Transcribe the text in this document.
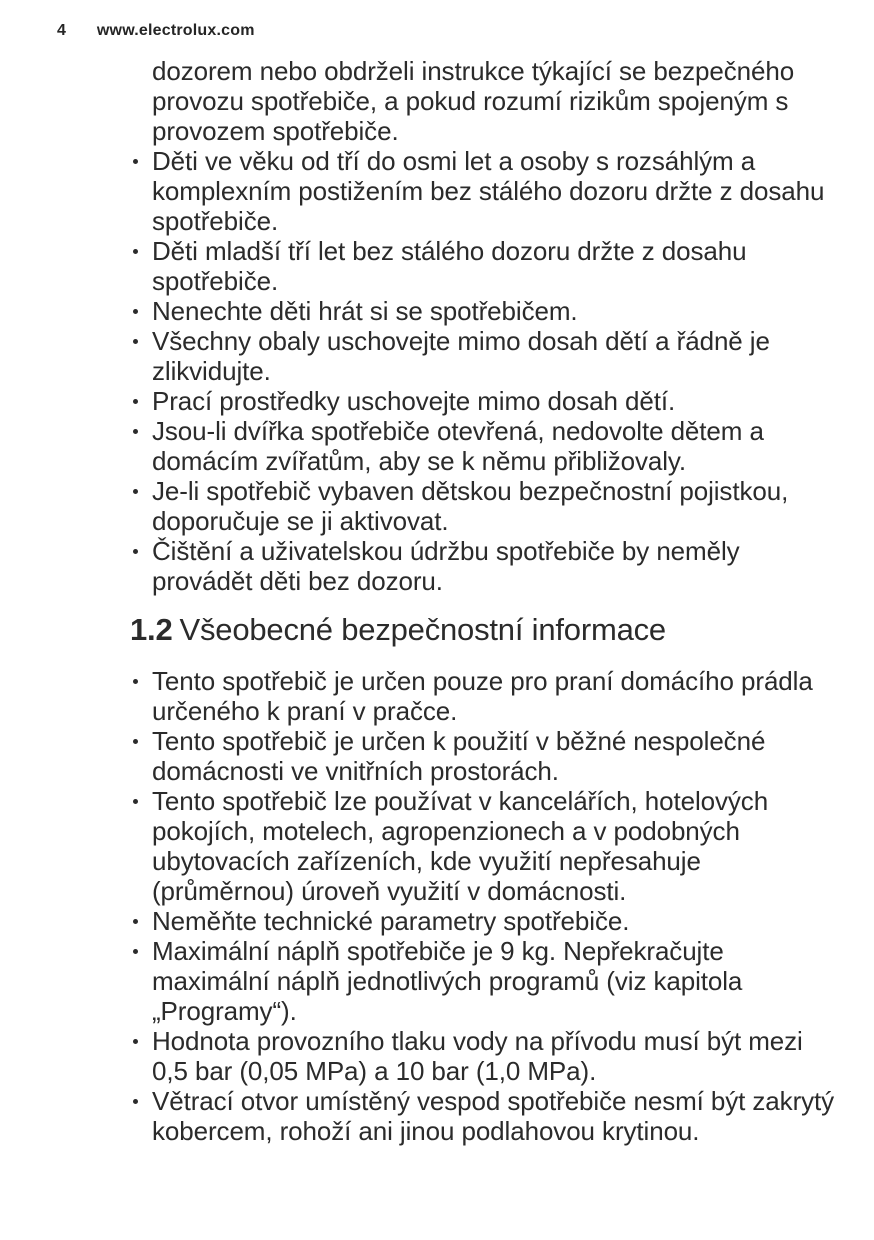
4 www.electrolux.com

dozorem nebo obdrželi instrukce týkající se bezpečného provozu spotřebiče, a pokud rozumí rizikům spojeným s provozem spotřebiče.

Děti ve věku od tří do osmi let a osoby s rozsáhlým a komplexním postižením bez stálého dozoru držte z dosahu spotřebiče.
Děti mladší tří let bez stálého dozoru držte z dosahu spotřebiče.
Nenechte děti hrát si se spotřebičem.
Všechny obaly uschovejte mimo dosah dětí a řádně je zlikvidujte.
Prací prostředky uschovejte mimo dosah dětí.
Jsou-li dvířka spotřebiče otevřená, nedovolte dětem a domácím zvířatům, aby se k němu přibližovaly.
Je-li spotřebič vybaven dětskou bezpečnostní pojistkou, doporučuje se ji aktivovat.
Čištění a uživatelskou údržbu spotřebiče by neměly provádět děti bez dozoru.
1.2 Všeobecné bezpečnostní informace
Tento spotřebič je určen pouze pro praní domácího prádla určeného k praní v pračce.
Tento spotřebič je určen k použití v běžné nespolečné domácnosti ve vnitřních prostorách.
Tento spotřebič lze používat v kancelářích, hotelových pokojích, motelech, agropenzionech a v podobných ubytovacích zařízeních, kde využití nepřesahuje (průměrnou) úroveň využití v domácnosti.
Neměňte technické parametry spotřebiče.
Maximální náplň spotřebiče je 9 kg. Nepřekračujte maximální náplň jednotlivých programů (viz kapitola „Programy“).
Hodnota provozního tlaku vody na přívodu musí být mezi 0,5 bar (0,05 MPa) a 10 bar (1,0 MPa).
Větrací otvor umístěný vespod spotřebiče nesmí být zakrytý kobercem, rohoží ani jinou podlahovou krytinou.
